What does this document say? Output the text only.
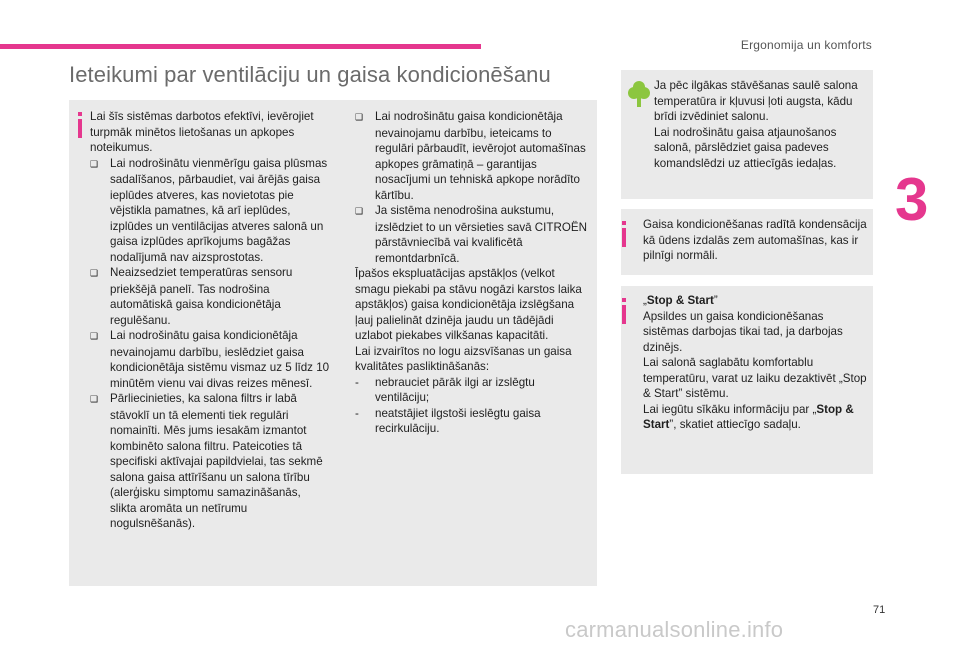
Ergonomija un komforts
3
Ieteikumi par ventilāciju un gaisa kondicionēšanu

Lai šīs sistēmas darbotos efektīvi, ievērojiet turpmāk minētos lietošanas un apkopes noteikumus.

❑ Lai nodrošinātu vienmērīgu gaisa plūsmas sadalīšanos, pārbaudiet, vai ārējās gaisa ieplūdes atveres, kas novietotas pie vējstikla pamatnes, kā arī ieplūdes, izplūdes un ventilācijas atveres salonā un gaisa izplūdes aprīkojums bagāžas nodalījumā nav aizsprostotas.

❑ Neaizsedziet temperatūras sensoru priekšējā panelī. Tas nodrošina automātiskā gaisa kondicionētāja regulēšanu.

❑ Lai nodrošinātu gaisa kondicionētāja nevainojamu darbību, ieslēdziet gaisa kondicionētāja sistēmu vismaz uz 5 līdz 10 minūtēm vienu vai divas reizes mēnesī.

❑ Pārliecinieties, ka salona filtrs ir labā stāvoklī un tā elementi tiek regulāri nomainīti. Mēs jums iesakām izmantot kombinēto salona filtru. Pateicoties tā specifiski aktīvajai papildvielai, tas sekmē salona gaisa attīrīšanu un salona tīrību (alerģisku simptomu samazināšanās, slikta aromāta un netīrumu nogulsnēšanās).

❑ Lai nodrošinātu gaisa kondicionētāja nevainojamu darbību, ieteicams to regulāri pārbaudīt, ievērojot automašīnas apkopes grāmatiņā – garantijas nosacījumi un tehniskā apkope norādīto kārtību.

❑ Ja sistēma nenodrošina aukstumu, izslēdziet to un vērsieties savā CITROËN pārstāvniecībā vai kvalificētā remontdarbnīcā.

Īpašos ekspluatācijas apstākļos (velkot smagu piekabi pa stāvu nogāzi karstos laika apstākļos) gaisa kondicionētāja izslēgšana ļauj palielināt dzinēja jaudu un tādējādi uzlabot piekabes vilkšanas kapacitāti.

Lai izvairītos no logu aizsvīšanas un gaisa kvalitātes pasliktināšanās:

- nebrauciet pārāk ilgi ar izslēgtu ventilāciju;

- neatstājiet ilgstoši ieslēgtu gaisa recirkulāciju.

Ja pēc ilgākas stāvēšanas saulē salona temperatūra ir kļuvusi ļoti augsta, kādu brīdi izvēdiniet salonu.

Lai nodrošinātu gaisa atjaunošanos salonā, pārslēdziet gaisa padeves komandslēdzi uz attiecīgās iedaļas.

Gaisa kondicionēšanas radītā kondensācija kā ūdens izdalās zem automašīnas, kas ir pilnīgi normāli.

„Stop & Start”

Apsildes un gaisa kondicionēšanas sistēmas darbojas tikai tad, ja darbojas dzinējs.

Lai salonā saglabātu komfortablu temperatūru, varat uz laiku dezaktivēt „Stop & Start” sistēmu.

Lai iegūtu sīkāku informāciju par „Stop & Start”, skatiet attiecīgo sadaļu.

71
carmanualsonline.info
